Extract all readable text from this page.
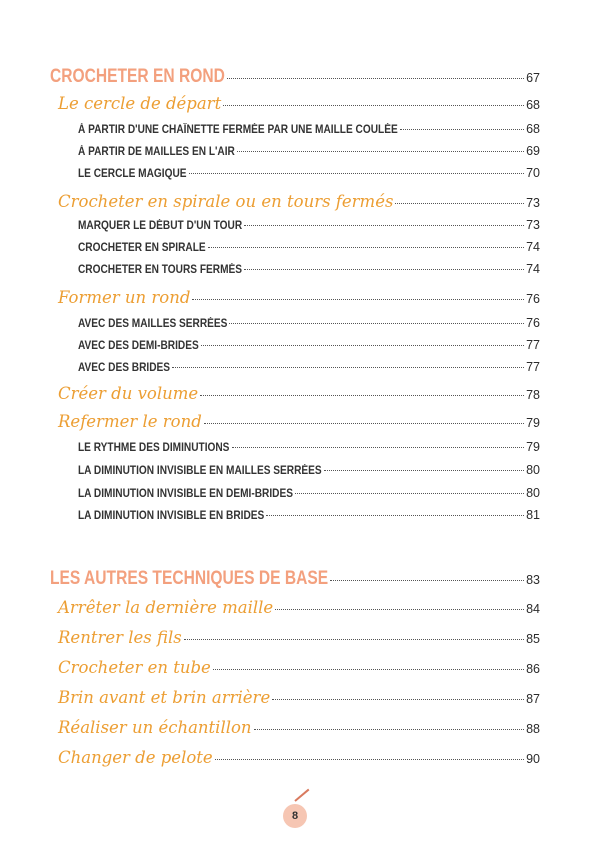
CROCHETER EN ROND	67
Le cercle de départ	68
À PARTIR D'UNE CHAÎNETTE FERMÉE PAR UNE MAILLE COULÉE	68
À PARTIR DE MAILLES EN L'AIR	69
LE CERCLE MAGIQUE	70
Crocheter en spirale ou en tours fermés	73
MARQUER LE DÉBUT D'UN TOUR	73
CROCHETER EN SPIRALE	74
CROCHETER EN TOURS FERMÉS	74
Former un rond	76
AVEC DES MAILLES SERRÉES	76
AVEC DES DEMI-BRIDES	77
AVEC DES BRIDES	77
Créer du volume	78
Refermer le rond	79
LE RYTHME DES DIMINUTIONS	79
LA DIMINUTION INVISIBLE EN MAILLES SERRÉES	80
LA DIMINUTION INVISIBLE EN DEMI-BRIDES	80
LA DIMINUTION INVISIBLE EN BRIDES	81
LES AUTRES TECHNIQUES DE BASE	83
Arrêter la dernière maille	84
Rentrer les fils	85
Crocheter en tube	86
Brin avant et brin arrière	87
Réaliser un échantillon	88
Changer de pelote	90
8
